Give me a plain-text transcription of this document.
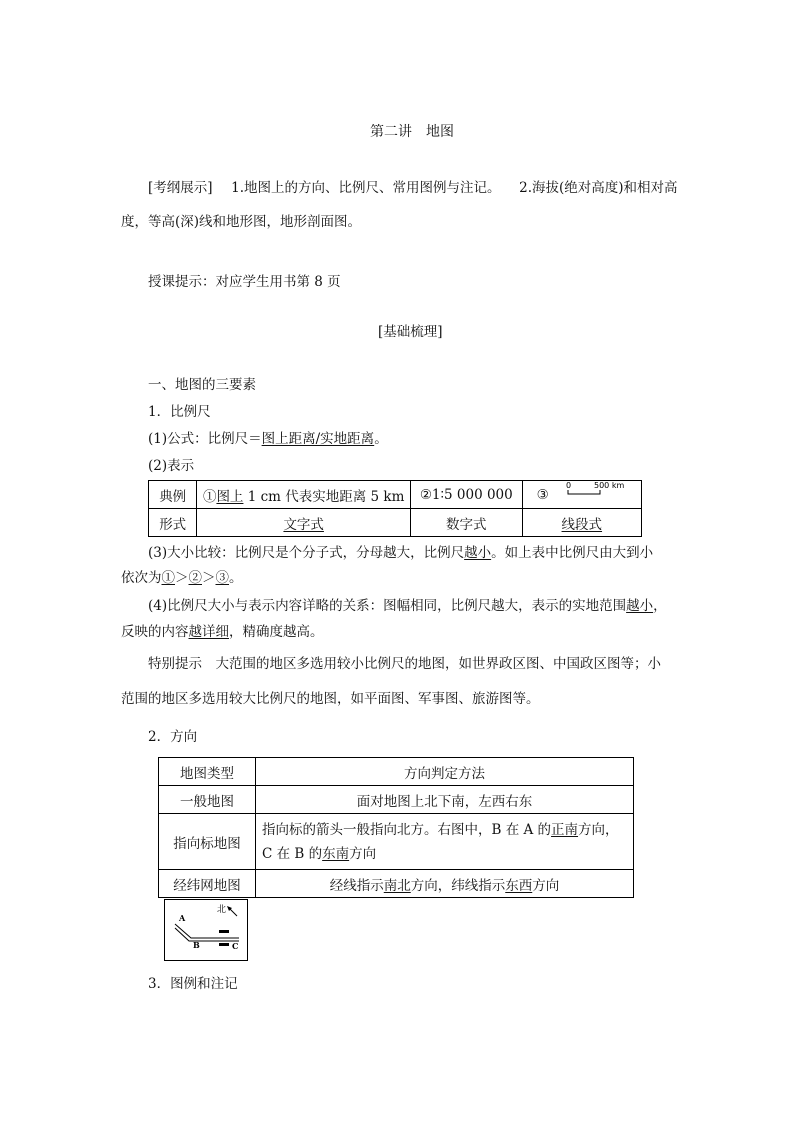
第二讲　地图
[考纲展示] 1.地图上的方向、比例尺、常用图例与注记。 2.海拔(绝对高度)和相对高
度，等高(深)线和地形图，地形剖面图。
授课提示：对应学生用书第 8 页
[基础梳理]
一、地图的三要素
1．比例尺
(1)公式：比例尺＝图上距离/实地距离。
(2)表示
典例	①图上 1 cm 代表实地距离 5 km	②1∶5 000 000	③
形式	文字式	数字式	线段式
0	500 km
(3)大小比较：比例尺是个分子式，分母越大，比例尺越小。如上表中比例尺由大到小
依次为①＞②＞③。
(4)比例尺大小与表示内容详略的关系：图幅相同，比例尺越大，表示的实地范围越小，
反映的内容越详细，精确度越高。
特别提示　大范围的地区多选用较小比例尺的地图，如世界政区图、中国政区图等；小
范围的地区多选用较大比例尺的地图，如平面图、军事图、旅游图等。
2．方向
地图类型	方向判定方法
一般地图	面对地图上北下南，左西右东
指向标地图	指向标的箭头一般指向北方。右图中，B 在 A 的正南方向，
C 在 B 的东南方向
经纬网地图	经线指示南北方向，纬线指示东西方向
北
A
B	C
3．图例和注记
